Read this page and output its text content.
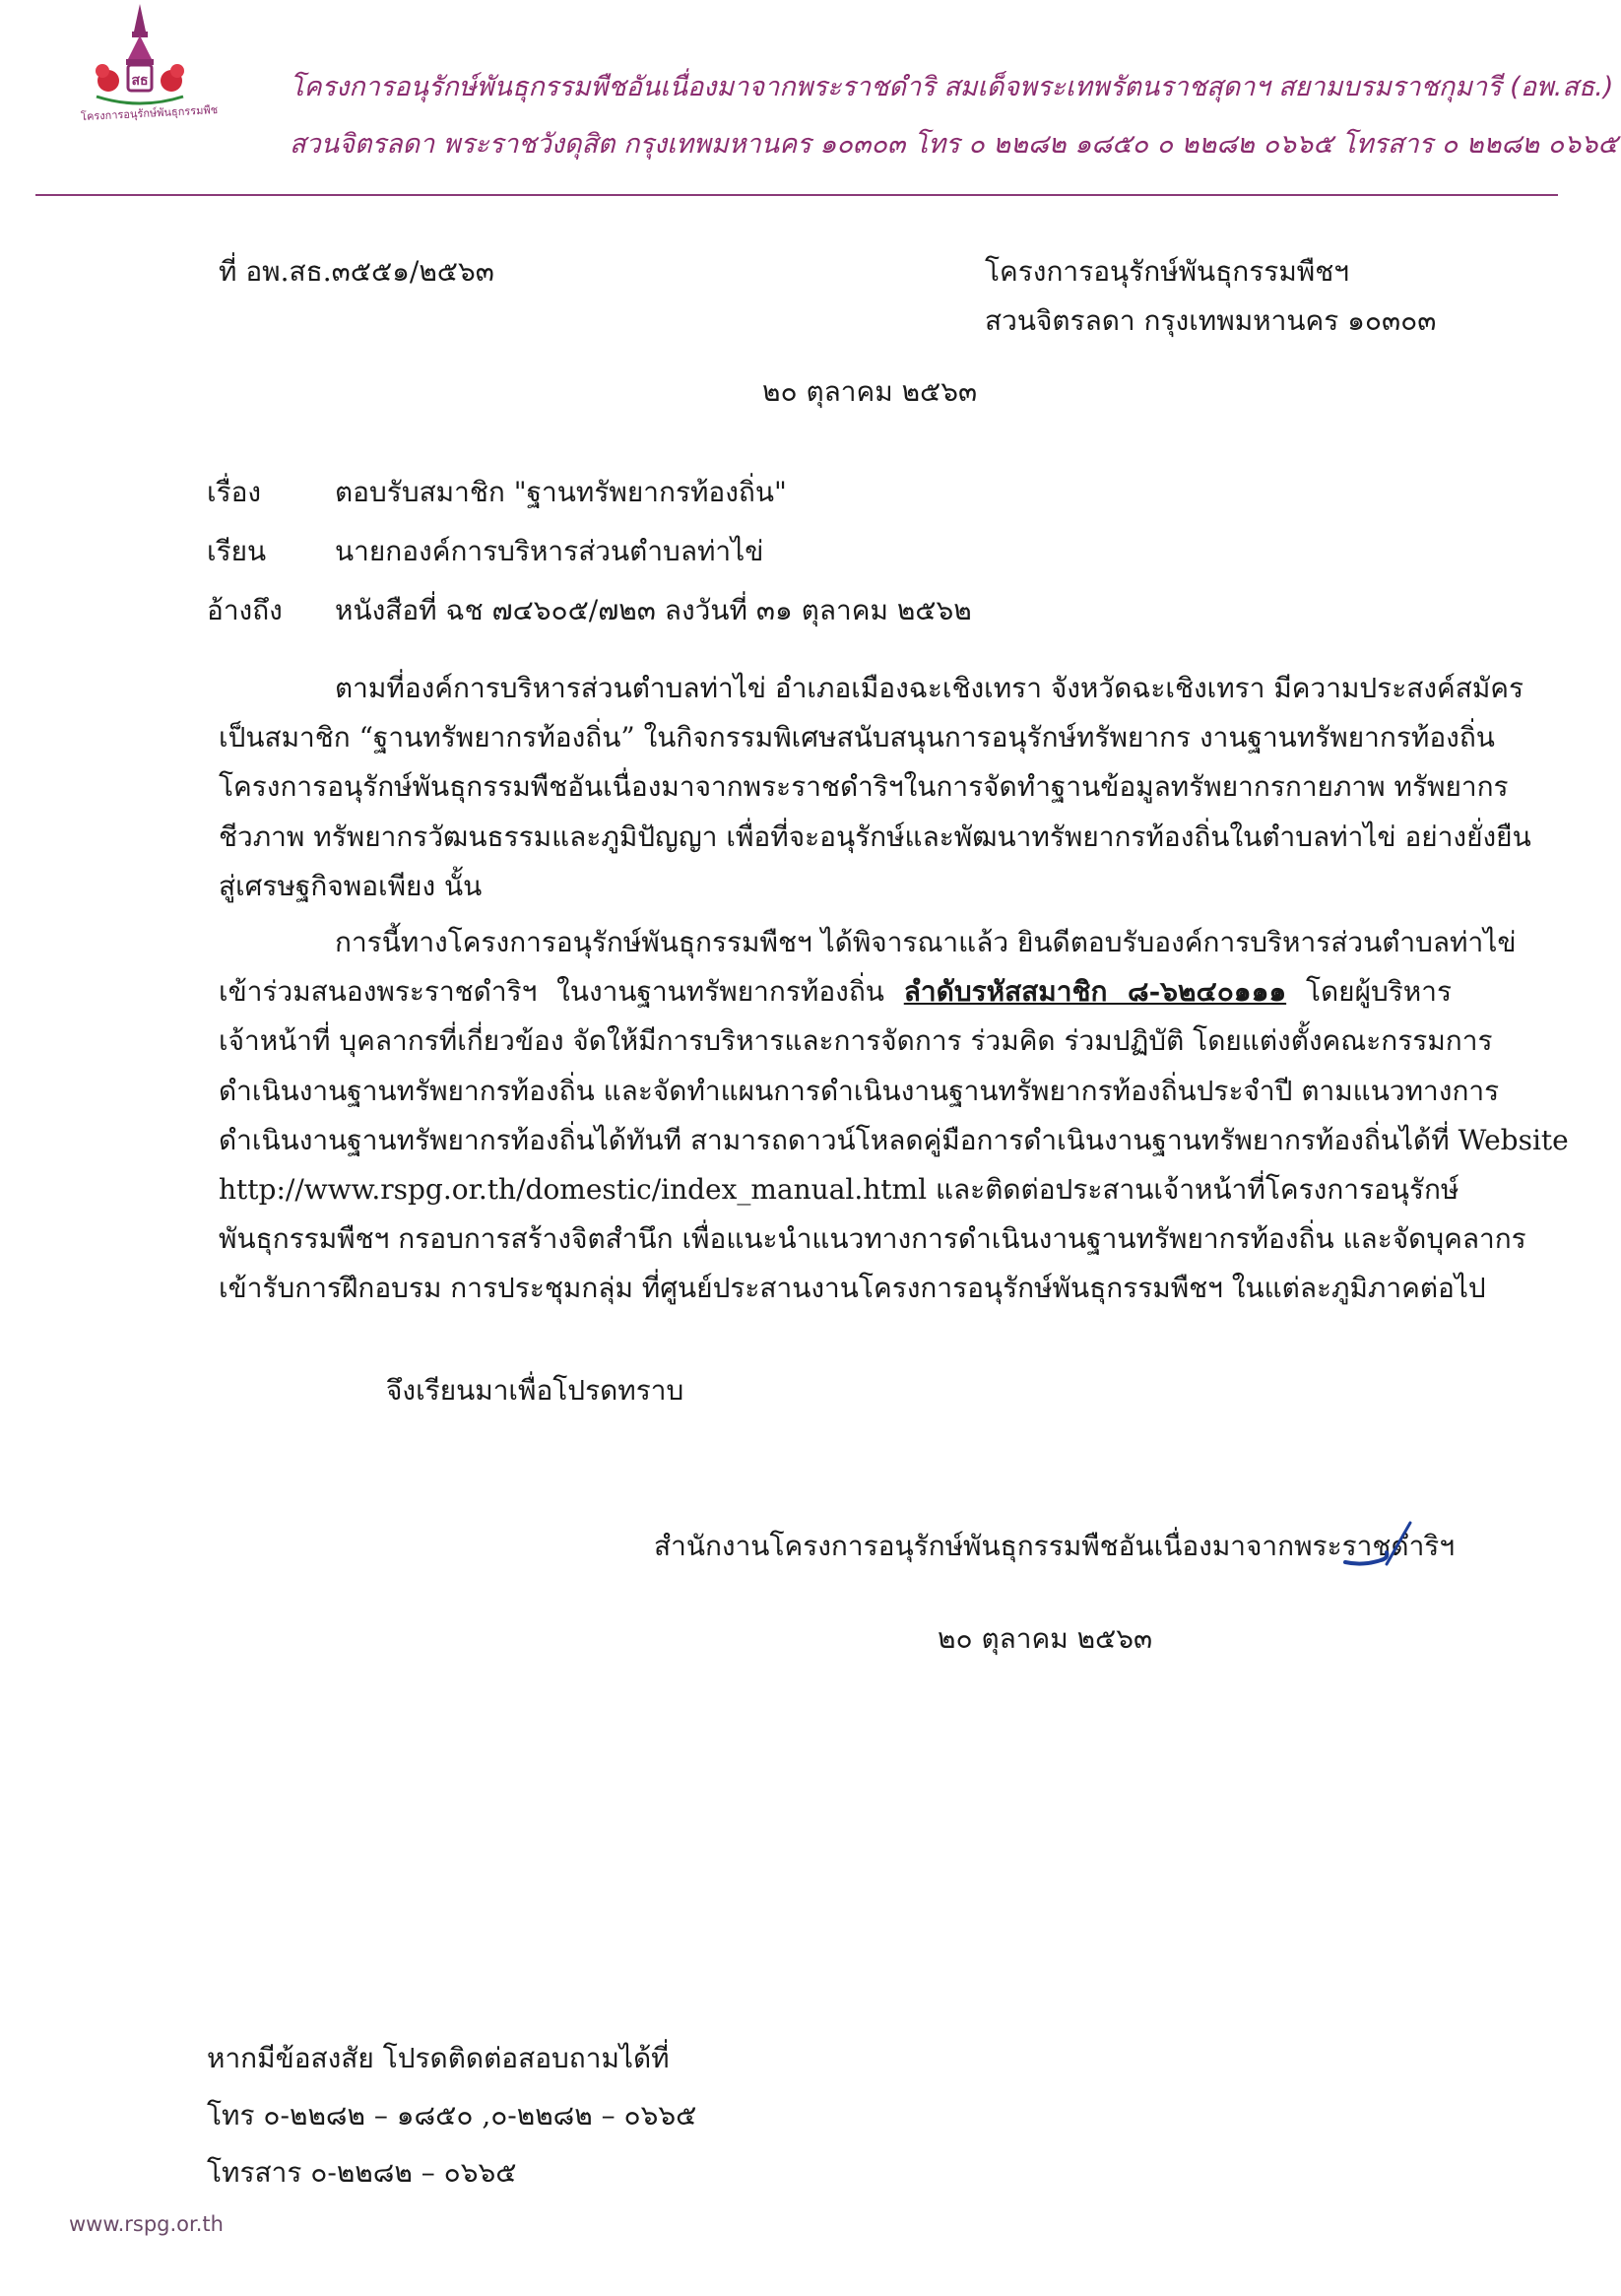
สธ
โครงการอนุรักษ์พันธุกรรมพืช
โครงการอนุรักษ์พันธุกรรมพืชอันเนื่องมาจากพระราชดำริ สมเด็จพระเทพรัตนราชสุดาฯ สยามบรมราชกุมารี (อพ.สธ.)
สวนจิตรลดา พระราชวังดุสิต กรุงเทพมหานคร ๑๐๓๐๓ โทร ๐ ๒๒๘๒ ๑๘๕๐ ๐ ๒๒๘๒ ๐๖๖๕ โทรสาร ๐ ๒๒๘๒ ๐๖๖๕
ที่ อพ.สธ.๓๕๕๑/๒๕๖๓	โครงการอนุรักษ์พันธุกรรมพืชฯ
สวนจิตรลดา กรุงเทพมหานคร ๑๐๓๐๓
๒๐ ตุลาคม ๒๕๖๓
เรื่อง	ตอบรับสมาชิก "ฐานทรัพยากรท้องถิ่น"
เรียน นายกองค์การบริหารส่วนตำบลท่าไข่
อ้างถึง หนังสือที่ ฉช ๗๔๖๐๕/๗๒๓ ลงวันที่ ๓๑ ตุลาคม ๒๕๖๒
ตามที่องค์การบริหารส่วนตำบลท่าไข่ อำเภอเมืองฉะเชิงเทรา จังหวัดฉะเชิงเทรา มีความประสงค์สมัคร
เป็นสมาชิก “ฐานทรัพยากรท้องถิ่น” ในกิจกรรมพิเศษสนับสนุนการอนุรักษ์ทรัพยากร งานฐานทรัพยากรท้องถิ่น
โครงการอนุรักษ์พันธุกรรมพืชอันเนื่องมาจากพระราชดำริฯในการจัดทำฐานข้อมูลทรัพยากรกายภาพ ทรัพยากร
ชีวภาพ ทรัพยากรวัฒนธรรมและภูมิปัญญา เพื่อที่จะอนุรักษ์และพัฒนาทรัพยากรท้องถิ่นในตำบลท่าไข่ อย่างยั่งยืน
สู่เศรษฐกิจพอเพียง นั้น
การนี้ทางโครงการอนุรักษ์พันธุกรรมพืชฯ ได้พิจารณาแล้ว ยินดีตอบรับองค์การบริหารส่วนตำบลท่าไข่
เข้าร่วมสนองพระราชดำริฯ ในงานฐานทรัพยากรท้องถิ่น ลำดับรหัสสมาชิก ๘-๖๒๔๐๑๑๑ โดยผู้บริหาร
เจ้าหน้าที่ บุคลากรที่เกี่ยวข้อง จัดให้มีการบริหารและการจัดการ ร่วมคิด ร่วมปฏิบัติ โดยแต่งตั้งคณะกรรมการ
ดำเนินงานฐานทรัพยากรท้องถิ่น และจัดทำแผนการดำเนินงานฐานทรัพยากรท้องถิ่นประจำปี ตามแนวทางการ
ดำเนินงานฐานทรัพยากรท้องถิ่นได้ทันที สามารถดาวน์โหลดคู่มือการดำเนินงานฐานทรัพยากรท้องถิ่นได้ที่ Website
http://www.rspg.or.th/domestic/index_manual.html และติดต่อประสานเจ้าหน้าที่โครงการอนุรักษ์
พันธุกรรมพืชฯ กรอบการสร้างจิตสำนึก เพื่อแนะนำแนวทางการดำเนินงานฐานทรัพยากรท้องถิ่น และจัดบุคลากร
เข้ารับการฝึกอบรม การประชุมกลุ่ม ที่ศูนย์ประสานงานโครงการอนุรักษ์พันธุกรรมพืชฯ ในแต่ละภูมิภาคต่อไป
จึงเรียนมาเพื่อโปรดทราบ
สำนักงานโครงการอนุรักษ์พันธุกรรมพืชอันเนื่องมาจากพระราชดำริฯ
๒๐ ตุลาคม ๒๕๖๓
หากมีข้อสงสัย โปรดติดต่อสอบถามได้ที่
โทร ๐-๒๒๘๒ – ๑๘๕๐ ,๐-๒๒๘๒ – ๐๖๖๕
โทรสาร ๐-๒๒๘๒ – ๐๖๖๕
www.rspg.or.th
